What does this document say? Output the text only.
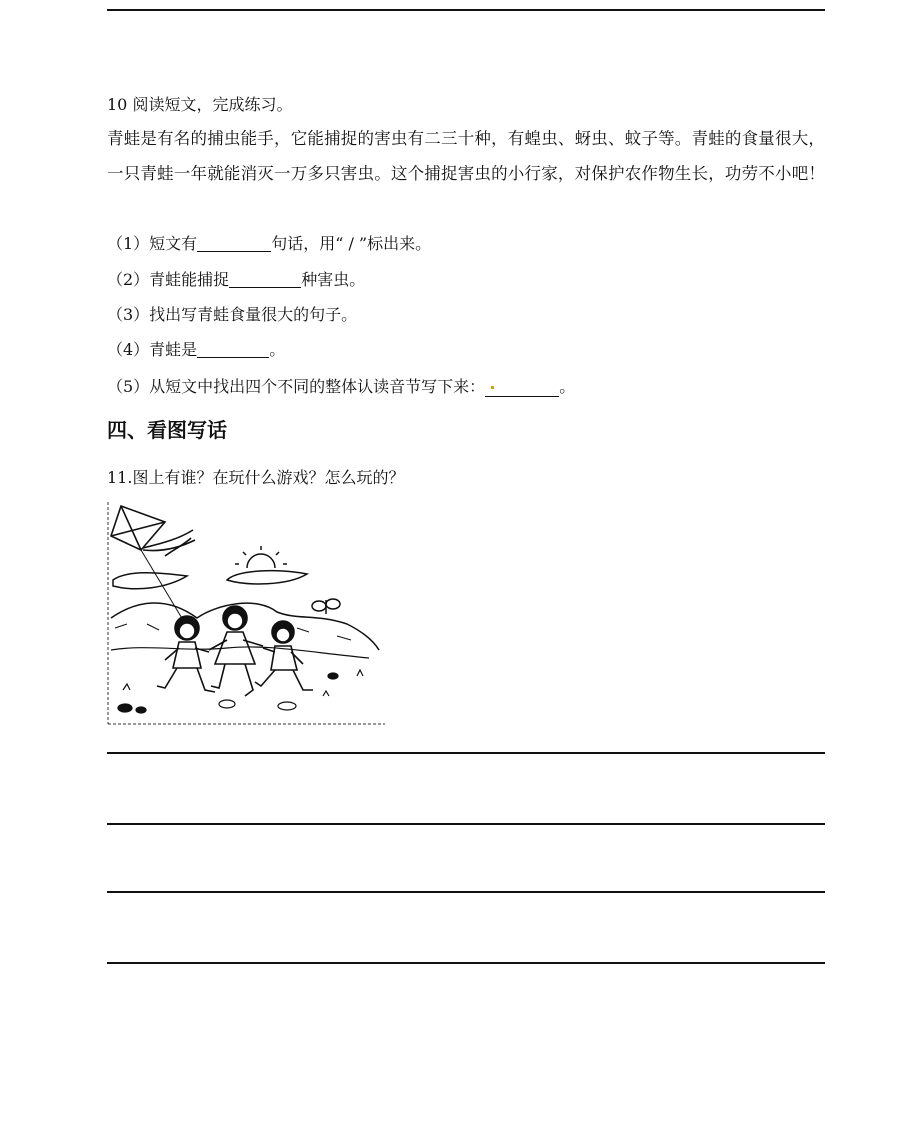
10 阅读短文，完成练习。
青蛙是有名的捕虫能手，它能捕捉的害虫有二三十种，有蝗虫、蚜虫、蚊子等。青蛙的食量很大，一只青蛙一年就能消灭一万多只害虫。这个捕捉害虫的小行家，对保护农作物生长，功劳不小吧！
（1）短文有	句话，用“ / ”标出来。
（2）青蛙能捕捉	种害虫。
（3）找出写青蛙食量很大的句子。
（4）青蛙是	。
（5）从短文中找出四个不同的整体认读音节写下来：	。
四、看图写话
11.图上有谁？在玩什么游戏？怎么玩的？
